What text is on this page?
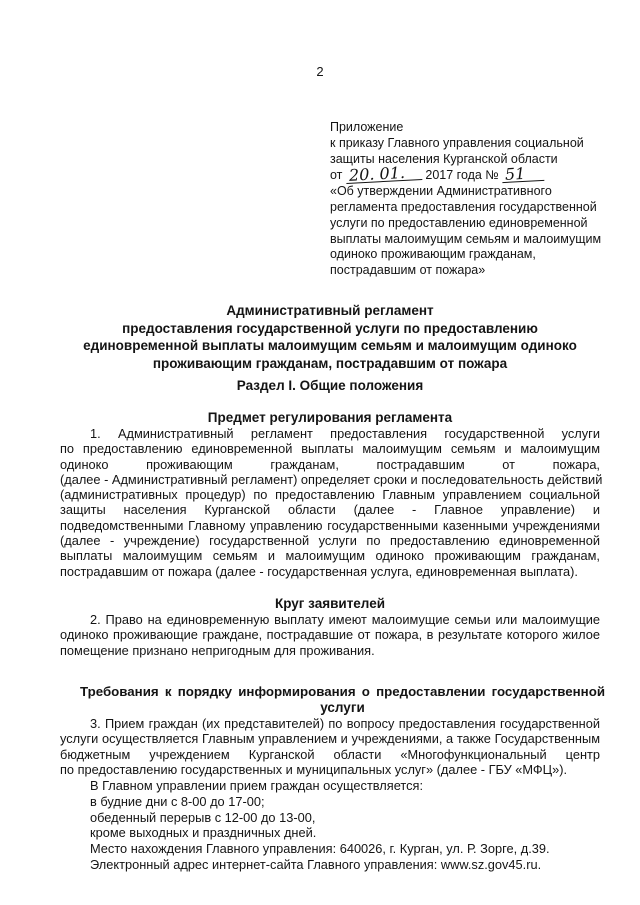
2
Приложение
к приказу Главного управления социальной
защиты населения Курганской области
от 20. 01. 2017 года № 51
«Об утверждении Административного
регламента предоставления государственной
услуги по предоставлению единовременной
выплаты малоимущим семьям и малоимущим
одиноко проживающим гражданам,
пострадавшим от пожара»
Административный регламент
предоставления государственной услуги по предоставлению
единовременной выплаты малоимущим семьям и малоимущим одиноко
проживающим гражданам, пострадавшим от пожара
Раздел I. Общие положения
Предмет регулирования регламента
1. Административный регламент предоставления государственной услуги
по предоставлению единовременной выплаты малоимущим семьям и малоимущим
одиноко проживающим гражданам, пострадавшим от пожара,
(далее - Административный регламент) определяет сроки и последовательность действий
(административных процедур) по предоставлению Главным управлением социальной
защиты населения Курганской области (далее - Главное управление) и
подведомственными Главному управлению государственными казенными учреждениями
(далее - учреждение) государственной услуги по предоставлению единовременной
выплаты малоимущим семьям и малоимущим одиноко проживающим гражданам,
пострадавшим от пожара (далее - государственная услуга, единовременная выплата).
Круг заявителей
2. Право на единовременную выплату имеют малоимущие семьи или малоимущие
одиноко проживающие граждане, пострадавшие от пожара, в результате которого жилое
помещение признано непригодным для проживания.
Требования к порядку информирования о предоставлении государственной
услуги
3. Прием граждан (их представителей) по вопросу предоставления государственной
услуги осуществляется Главным управлением и учреждениями, а также Государственным
бюджетным учреждением Курганской области «Многофункциональный центр
по предоставлению государственных и муниципальных услуг» (далее - ГБУ «МФЦ»).
В Главном управлении прием граждан осуществляется:
в будние дни с 8-00 до 17-00;
обеденный перерыв с 12-00 до 13-00,
кроме выходных и праздничных дней.
Место нахождения Главного управления: 640026, г. Курган, ул. Р. Зорге, д.39.
Электронный адрес интернет-сайта Главного управления: www.sz.gov45.ru.
